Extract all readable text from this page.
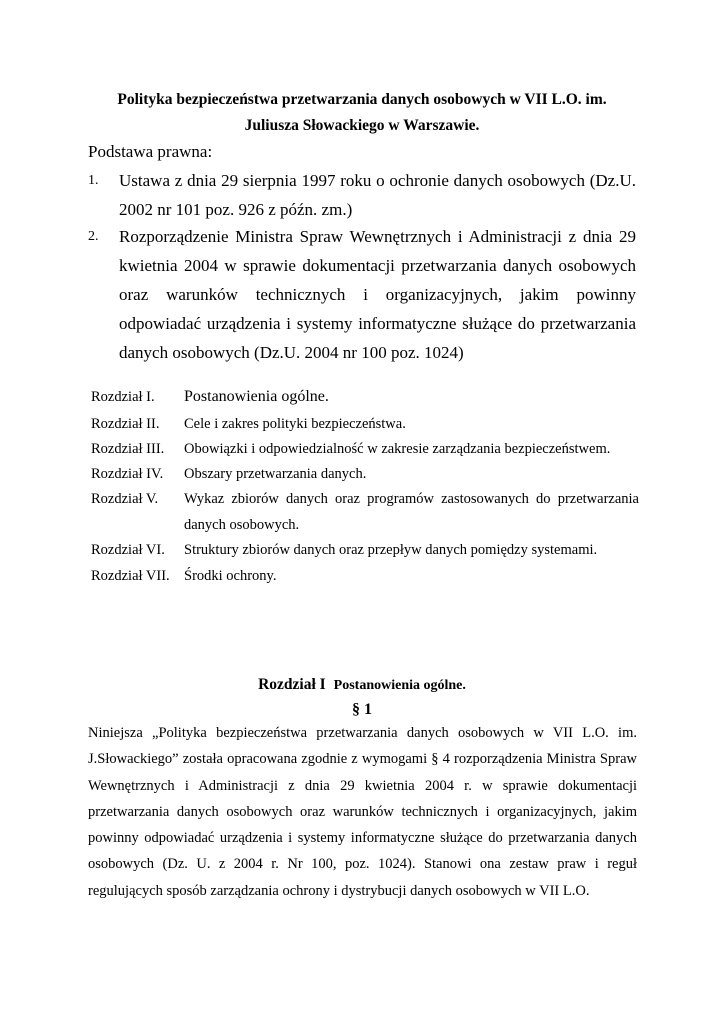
Polityka bezpieczeństwa przetwarzania danych osobowych w VII L.O. im.
Juliusza Słowackiego w Warszawie.
Podstawa prawna:
1. Ustawa z dnia 29 sierpnia 1997 roku o ochronie danych osobowych (Dz.U. 2002 nr 101 poz. 926 z późn. zm.)
2. Rozporządzenie Ministra Spraw Wewnętrznych i Administracji z dnia 29 kwietnia 2004 w sprawie dokumentacji przetwarzania danych osobowych oraz warunków technicznych i organizacyjnych, jakim powinny odpowiadać urządzenia i systemy informatyczne służące do przetwarzania danych osobowych (Dz.U. 2004 nr 100 poz. 1024)
Rozdział I. Postanowienia ogólne.
Rozdział II. Cele i zakres polityki bezpieczeństwa.
Rozdział III. Obowiązki i odpowiedzialność w zakresie zarządzania bezpieczeństwem.
Rozdział IV. Obszary przetwarzania danych.
Rozdział V. Wykaz zbiorów danych oraz programów zastosowanych do przetwarzania danych osobowych.
Rozdział VI. Struktury zbiorów danych oraz przepływ danych pomiędzy systemami.
Rozdział VII. Środki ochrony.
Rozdział I Postanowienia ogólne.
§ 1
Niniejsza „Polityka bezpieczeństwa przetwarzania danych osobowych w VII L.O. im. J.Słowackiego” została opracowana zgodnie z wymogami § 4 rozporządzenia Ministra Spraw Wewnętrznych i Administracji z dnia 29 kwietnia 2004 r. w sprawie dokumentacji przetwarzania danych osobowych oraz warunków technicznych i organizacyjnych, jakim powinny odpowiadać urządzenia i systemy informatyczne służące do przetwarzania danych osobowych (Dz. U. z 2004 r. Nr 100, poz. 1024). Stanowi ona zestaw praw i reguł regulujących sposób zarządzania ochrony i dystrybucji danych osobowych w VII L.O.
